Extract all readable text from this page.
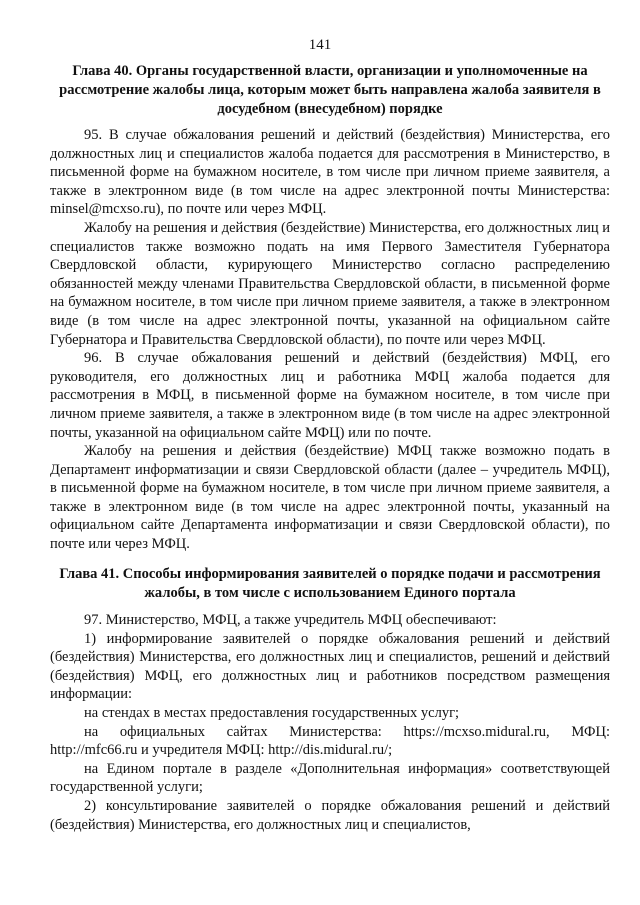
141

Глава 40. Органы государственной власти, организации и уполномоченные на рассмотрение жалобы лица, которым может быть направлена жалоба заявителя в досудебном (внесудебном) порядке

95. В случае обжалования решений и действий (бездействия) Министерства, его должностных лиц и специалистов жалоба подается для рассмотрения в Министерство, в письменной форме на бумажном носителе, в том числе при личном приеме заявителя, а также в электронном виде (в том числе на адрес электронной почты Министерства: minsel@mcxso.ru), по почте или через МФЦ.

Жалобу на решения и действия (бездействие) Министерства, его должностных лиц и специалистов также возможно подать на имя Первого Заместителя Губернатора Свердловской области, курирующего Министерство согласно распределению обязанностей между членами Правительства Свердловской области, в письменной форме на бумажном носителе, в том числе при личном приеме заявителя, а также в электронном виде (в том числе на адрес электронной почты, указанной на официальном сайте Губернатора и Правительства Свердловской области), по почте или через МФЦ.

96. В случае обжалования решений и действий (бездействия) МФЦ, его руководителя, его должностных лиц и работника МФЦ жалоба подается для рассмотрения в МФЦ, в письменной форме на бумажном носителе, в том числе при личном приеме заявителя, а также в электронном виде (в том числе на адрес электронной почты, указанной на официальном сайте МФЦ) или по почте.

Жалобу на решения и действия (бездействие) МФЦ также возможно подать в Департамент информатизации и связи Свердловской области (далее – учредитель МФЦ), в письменной форме на бумажном носителе, в том числе при личном приеме заявителя, а также в электронном виде (в том числе на адрес электронной почты, указанный на официальном сайте Департамента информатизации и связи Свердловской области), по почте или через МФЦ.

Глава 41. Способы информирования заявителей о порядке подачи и рассмотрения жалобы, в том числе с использованием Единого портала

97. Министерство, МФЦ, а также учредитель МФЦ обеспечивают:

1) информирование заявителей о порядке обжалования решений и действий (бездействия) Министерства, его должностных лиц и специалистов, решений и действий (бездействия) МФЦ, его должностных лиц и работников посредством размещения информации:

на стендах в местах предоставления государственных услуг;

на официальных сайтах Министерства: https://mcxso.midural.ru, МФЦ: http://mfc66.ru и учредителя МФЦ: http://dis.midural.ru/;

на Едином портале в разделе «Дополнительная информация» соответствующей государственной услуги;

2) консультирование заявителей о порядке обжалования решений и действий (бездействия) Министерства, его должностных лиц и специалистов,
